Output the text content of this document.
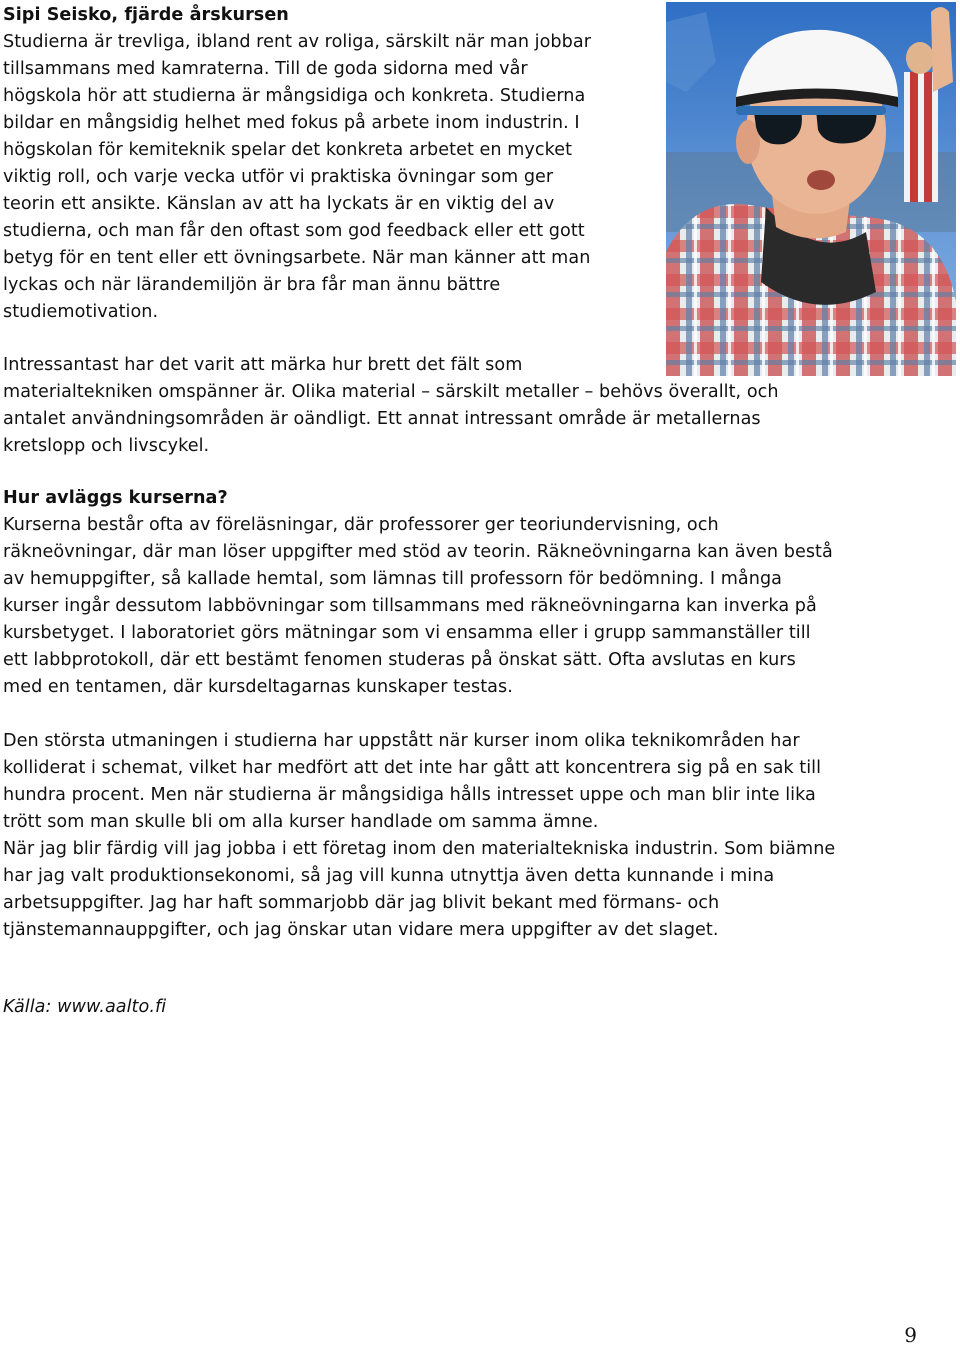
Sipi Seisko, fjärde årskursen
Studierna är trevliga, ibland rent av roliga, särskilt när man jobbar
tillsammans med kamraterna. Till de goda sidorna med vår
högskola hör att studierna är mångsidiga och konkreta. Studierna
bildar en mångsidig helhet med fokus på arbete inom industrin. I
högskolan för kemiteknik spelar det konkreta arbetet en mycket
viktig roll, och varje vecka utför vi praktiska övningar som ger
teorin ett ansikte. Känslan av att ha lyckats är en viktig del av
studierna, och man får den oftast som god feedback eller ett gott
betyg för en tent eller ett övningsarbete. När man känner att man
lyckas och när lärandemiljön är bra får man ännu bättre
studiemotivation.
Intressantast har det varit att märka hur brett det fält som
materialtekniken omspänner är. Olika material – särskilt metaller – behövs överallt, och
antalet användningsområden är oändligt. Ett annat intressant område är metallernas
kretslopp och livscykel.
Hur avläggs kurserna?
Kurserna består ofta av föreläsningar, där professorer ger teoriundervisning, och
räkneövningar, där man löser uppgifter med stöd av teorin. Räkneövningarna kan även bestå
av hemuppgifter, så kallade hemtal, som lämnas till professorn för bedömning. I många
kurser ingår dessutom labbövningar som tillsammans med räkneövningarna kan inverka på
kursbetyget. I laboratoriet görs mätningar som vi ensamma eller i grupp sammanställer till
ett labbprotokoll, där ett bestämt fenomen studeras på önskat sätt. Ofta avslutas en kurs
med en tentamen, där kursdeltagarnas kunskaper testas.
Den största utmaningen i studierna har uppstått när kurser inom olika teknikområden har
kolliderat i schemat, vilket har medfört att det inte har gått att koncentrera sig på en sak till
hundra procent. Men när studierna är mångsidiga hålls intresset uppe och man blir inte lika
trött som man skulle bli om alla kurser handlade om samma ämne.
När jag blir färdig vill jag jobba i ett företag inom den materialtekniska industrin. Som biämne
har jag valt produktionsekonomi, så jag vill kunna utnyttja även detta kunnande i mina
arbetsuppgifter. Jag har haft sommarjobb där jag blivit bekant med förmans- och
tjänstemannauppgifter, och jag önskar utan vidare mera uppgifter av det slaget.
Källa: www.aalto.fi
9
